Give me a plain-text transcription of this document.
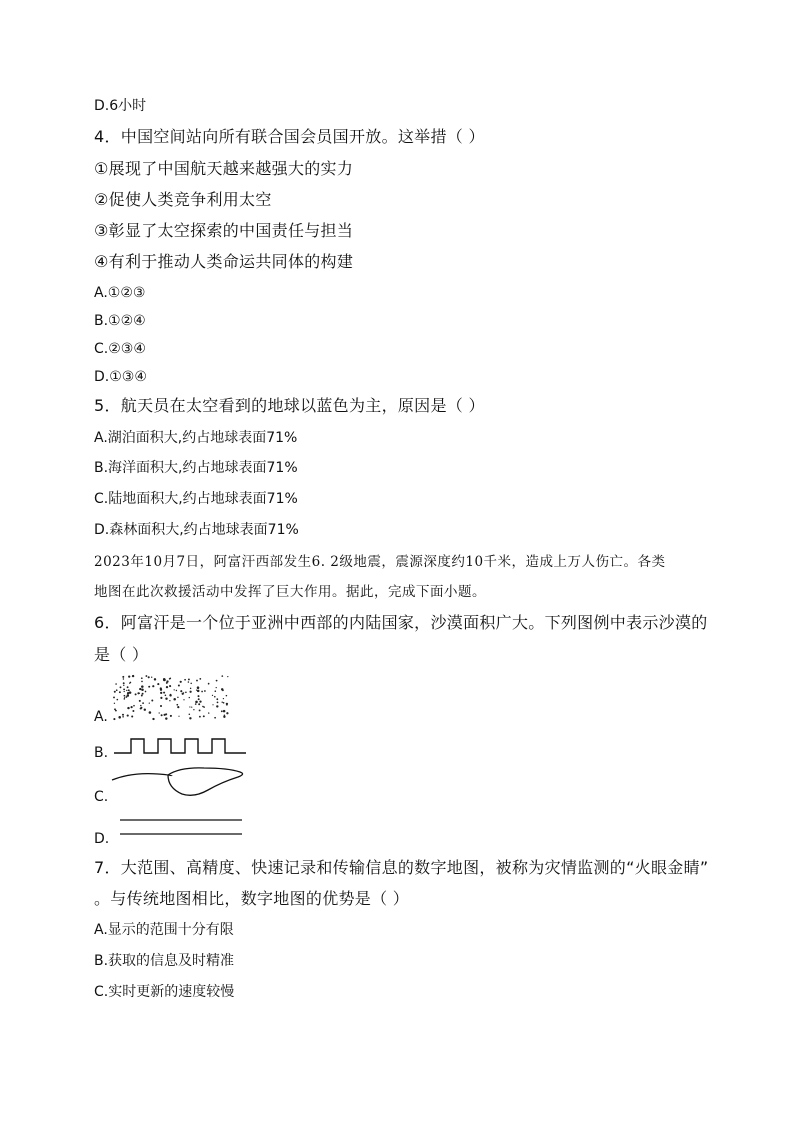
D.6小时
4．中国空间站向所有联合国会员国开放。这举措（ ）
①展现了中国航天越来越强大的实力
②促使人类竞争利用太空
③彰显了太空探索的中国责任与担当
④有利于推动人类命运共同体的构建
A.①②③
B.①②④
C.②③④
D.①③④
5．航天员在太空看到的地球以蓝色为主，原因是（ ）
A.湖泊面积大,约占地球表面71%
B.海洋面积大,约占地球表面71%
C.陆地面积大,约占地球表面71%
D.森林面积大,约占地球表面71%
2023年10月7日，阿富汗西部发生6. 2级地震，震源深度约10千米，造成上万人伤亡。各类
地图在此次救援活动中发挥了巨大作用。据此，完成下面小题。
6．阿富汗是一个位于亚洲中西部的内陆国家，沙漠面积广大。下列图例中表示沙漠的
是（ ）
A.
B.
C.
D.
7．大范围、高精度、快速记录和传输信息的数字地图，被称为灾情监测的“火眼金睛”
。与传统地图相比，数字地图的优势是（ ）
A.显示的范围十分有限
B.获取的信息及时精准
C.实时更新的速度较慢
